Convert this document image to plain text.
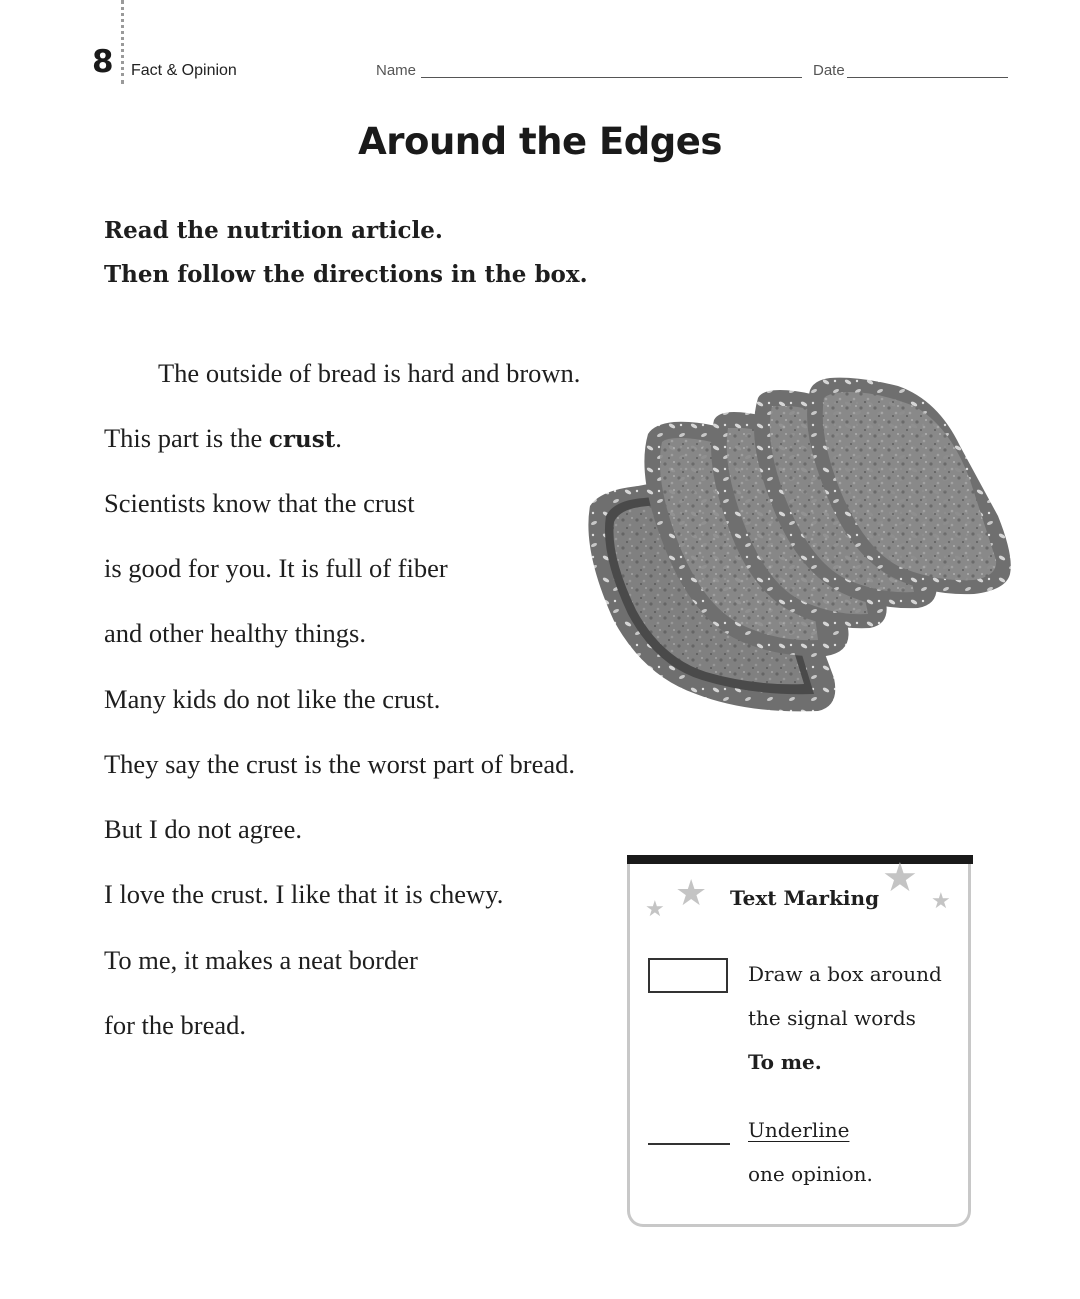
8 Fact & Opinion	Name	Date
Around the Edges
Read the nutrition article.
Then follow the directions in the box.
The outside of bread is hard and brown.
This part is the crust.
Scientists know that the crust
is good for you. It is full of fiber
and other healthy things.
Many kids do not like the crust.
They say the crust is the worst part of bread.
But I do not agree.
I love the crust. I like that it is chewy.
To me, it makes a neat border
for the bread.
★
★
★
★
Text Marking
Draw a box around
the signal words
To me.
Underline
one opinion.
